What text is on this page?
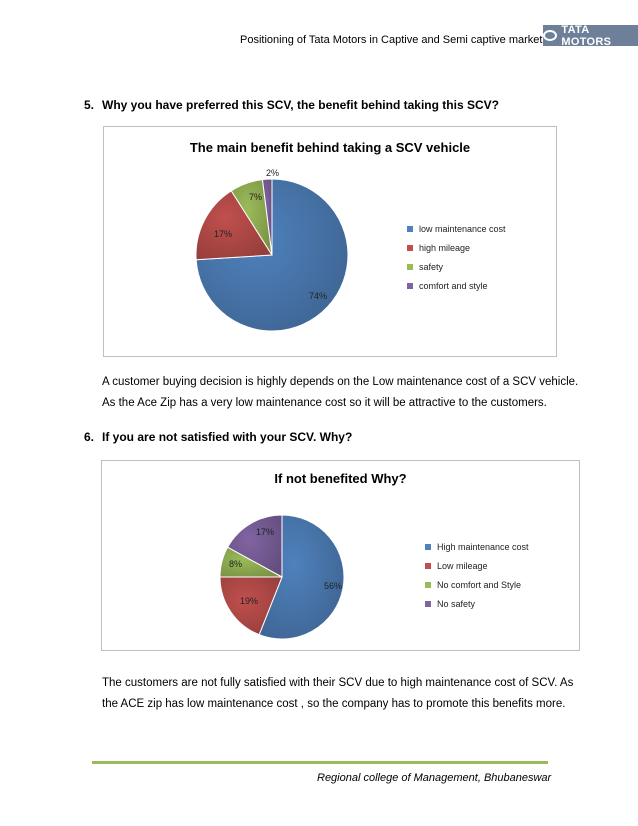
Positioning of Tata Motors in Captive and Semi captive market
TATA MOTORS
5. Why you have preferred this SCV, the benefit behind taking this SCV?
The main benefit behind taking a SCV vehicle
74%
17%
7%
2%
low maintenance cost
high mileage
safety
comfort and style
A customer buying decision is highly depends on the Low maintenance cost of a SCV vehicle.
As the Ace Zip has a very low maintenance cost so it will be attractive to the customers.
6. If you are not satisfied with your SCV. Why?
If not benefited Why?
56%
19%
8%
17%
High maintenance cost
Low mileage
No comfort and Style
No safety
The customers are not fully satisfied with their SCV due to high maintenance cost of SCV. As
the ACE zip has low maintenance cost , so the company has to promote this benefits more.
Regional college of Management, Bhubaneswar
